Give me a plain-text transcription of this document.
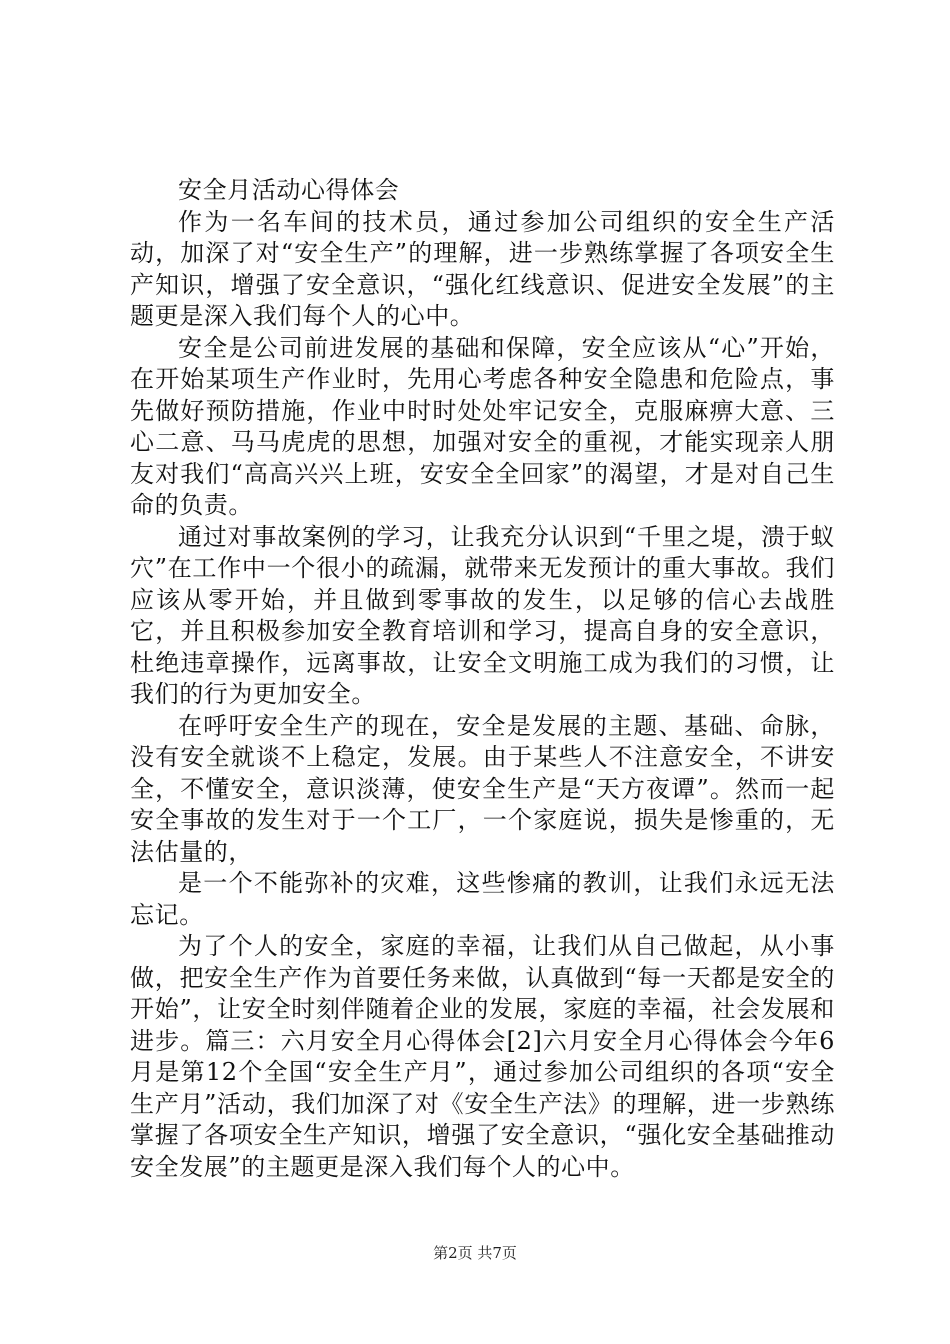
安全月活动心得体会

作为一名车间的技术员，通过参加公司组织的安全生产活动，加深了对“安全生产”的理解，进一步熟练掌握了各项安全生产知识，增强了安全意识，“强化红线意识、促进安全发展”的主题更是深入我们每个人的心中。

安全是公司前进发展的基础和保障，安全应该从“心”开始，在开始某项生产作业时，先用心考虑各种安全隐患和危险点，事先做好预防措施，作业中时时处处牢记安全，克服麻痹大意、三心二意、马马虎虎的思想，加强对安全的重视，才能实现亲人朋友对我们“高高兴兴上班，安安全全回家”的渴望，才是对自己生命的负责。

通过对事故案例的学习，让我充分认识到“千里之堤，溃于蚁穴”在工作中一个很小的疏漏，就带来无发预计的重大事故。我们应该从零开始，并且做到零事故的发生，以足够的信心去战胜它，并且积极参加安全教育培训和学习，提高自身的安全意识，杜绝违章操作，远离事故，让安全文明施工成为我们的习惯，让我们的行为更加安全。

在呼吁安全生产的现在，安全是发展的主题、基础、命脉，没有安全就谈不上稳定，发展。由于某些人不注意安全，不讲安全，不懂安全，意识淡薄，使安全生产是“天方夜谭”。然而一起安全事故的发生对于一个工厂，一个家庭说，损失是惨重的，无法估量的，

是一个不能弥补的灾难，这些惨痛的教训，让我们永远无法忘记。

为了个人的安全，家庭的幸福，让我们从自己做起，从小事做，把安全生产作为首要任务来做，认真做到“每一天都是安全的开始”，让安全时刻伴随着企业的发展，家庭的幸福，社会发展和进步。篇三：六月安全月心得体会[2]六月安全月心得体会今年6月是第12个全国“安全生产月”，通过参加公司组织的各项“安全生产月”活动，我们加深了对《安全生产法》的理解，进一步熟练掌握了各项安全生产知识，增强了安全意识，“强化安全基础推动安全发展”的主题更是深入我们每个人的心中。

第2页 共7页
